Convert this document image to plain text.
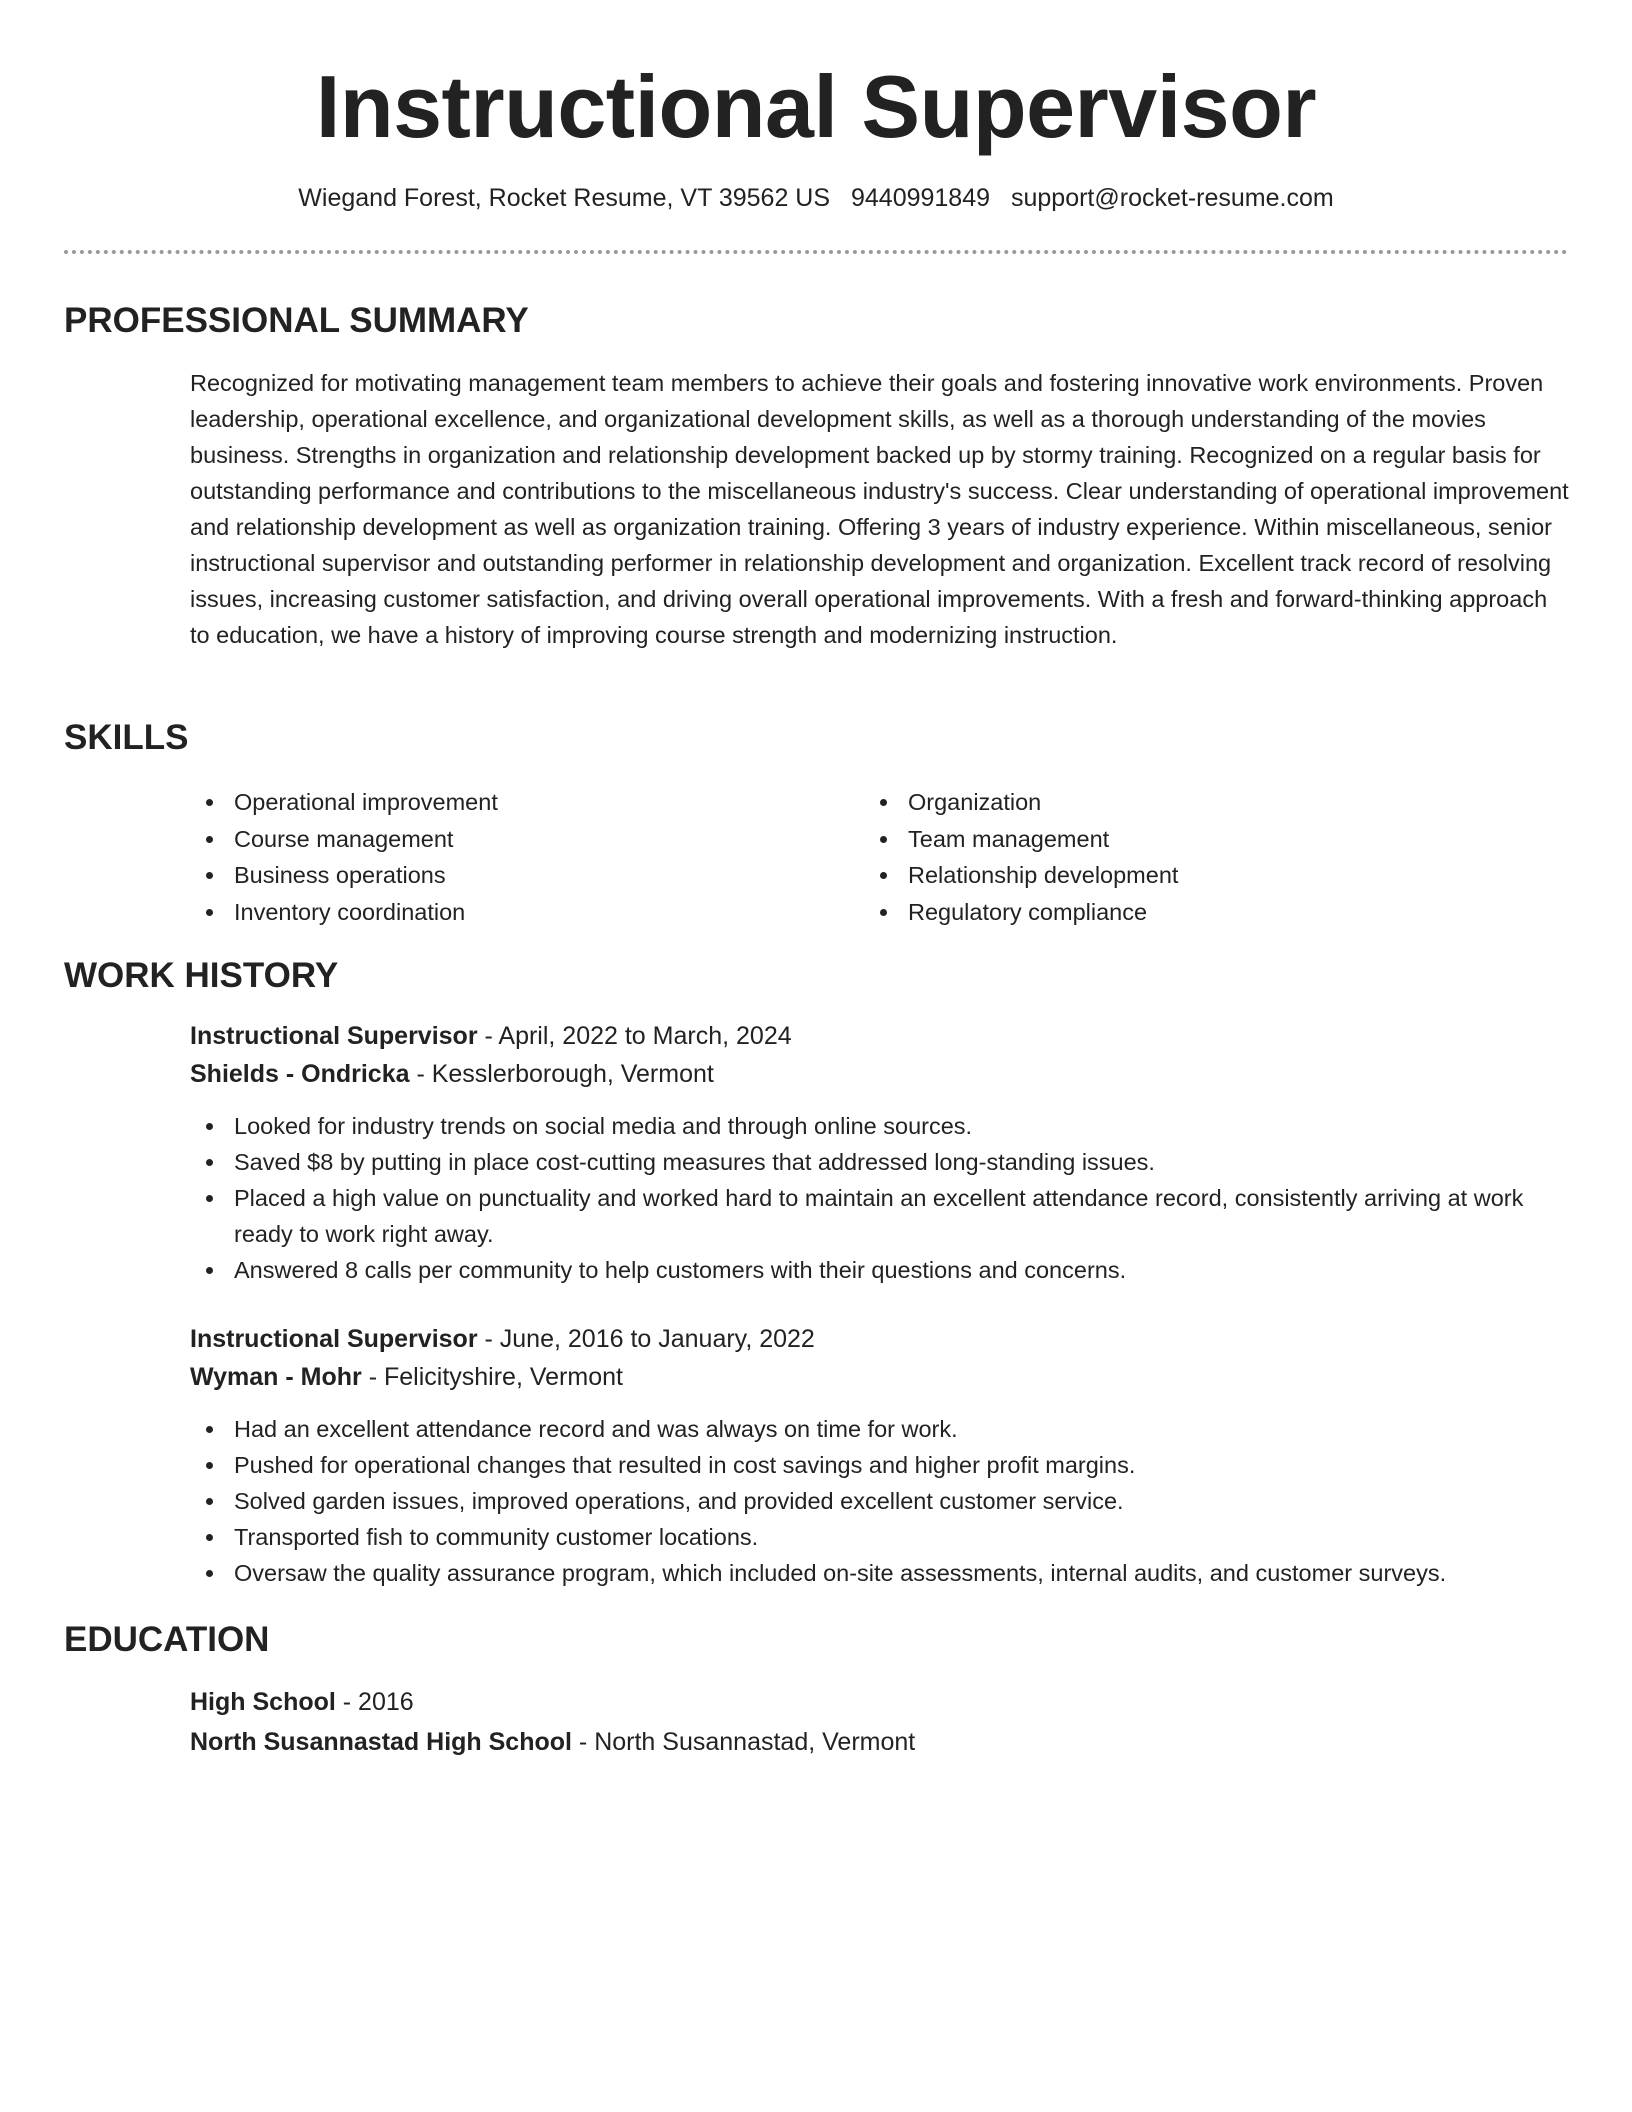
Instructional Supervisor
Wiegand Forest, Rocket Resume, VT 39562 US 9440991849 support@rocket-resume.com
PROFESSIONAL SUMMARY

Recognized for motivating management team members to achieve their goals and fostering innovative work environments. Proven leadership, operational excellence, and organizational development skills, as well as a thorough understanding of the movies business. Strengths in organization and relationship development backed up by stormy training. Recognized on a regular basis for outstanding performance and contributions to the miscellaneous industry's success. Clear understanding of operational improvement and relationship development as well as organization training. Offering 3 years of industry experience. Within miscellaneous, senior instructional supervisor and outstanding performer in relationship development and organization. Excellent track record of resolving issues, increasing customer satisfaction, and driving overall operational improvements. With a fresh and forward-thinking approach to education, we have a history of improving course strength and modernizing instruction.

SKILLS
Operational improvement
Course management
Business operations
Inventory coordination
Organization
Team management
Relationship development
Regulatory compliance
WORK HISTORY
Instructional Supervisor - April, 2022 to March, 2024
Shields - Ondricka - Kesslerborough, Vermont
Looked for industry trends on social media and through online sources.
Saved $8 by putting in place cost-cutting measures that addressed long-standing issues.
Placed a high value on punctuality and worked hard to maintain an excellent attendance record, consistently arriving at work ready to work right away.
Answered 8 calls per community to help customers with their questions and concerns.
Instructional Supervisor - June, 2016 to January, 2022
Wyman - Mohr - Felicityshire, Vermont
Had an excellent attendance record and was always on time for work.
Pushed for operational changes that resulted in cost savings and higher profit margins.
Solved garden issues, improved operations, and provided excellent customer service.
Transported fish to community customer locations.
Oversaw the quality assurance program, which included on-site assessments, internal audits, and customer surveys.
EDUCATION
High School - 2016
North Susannastad High School - North Susannastad, Vermont
